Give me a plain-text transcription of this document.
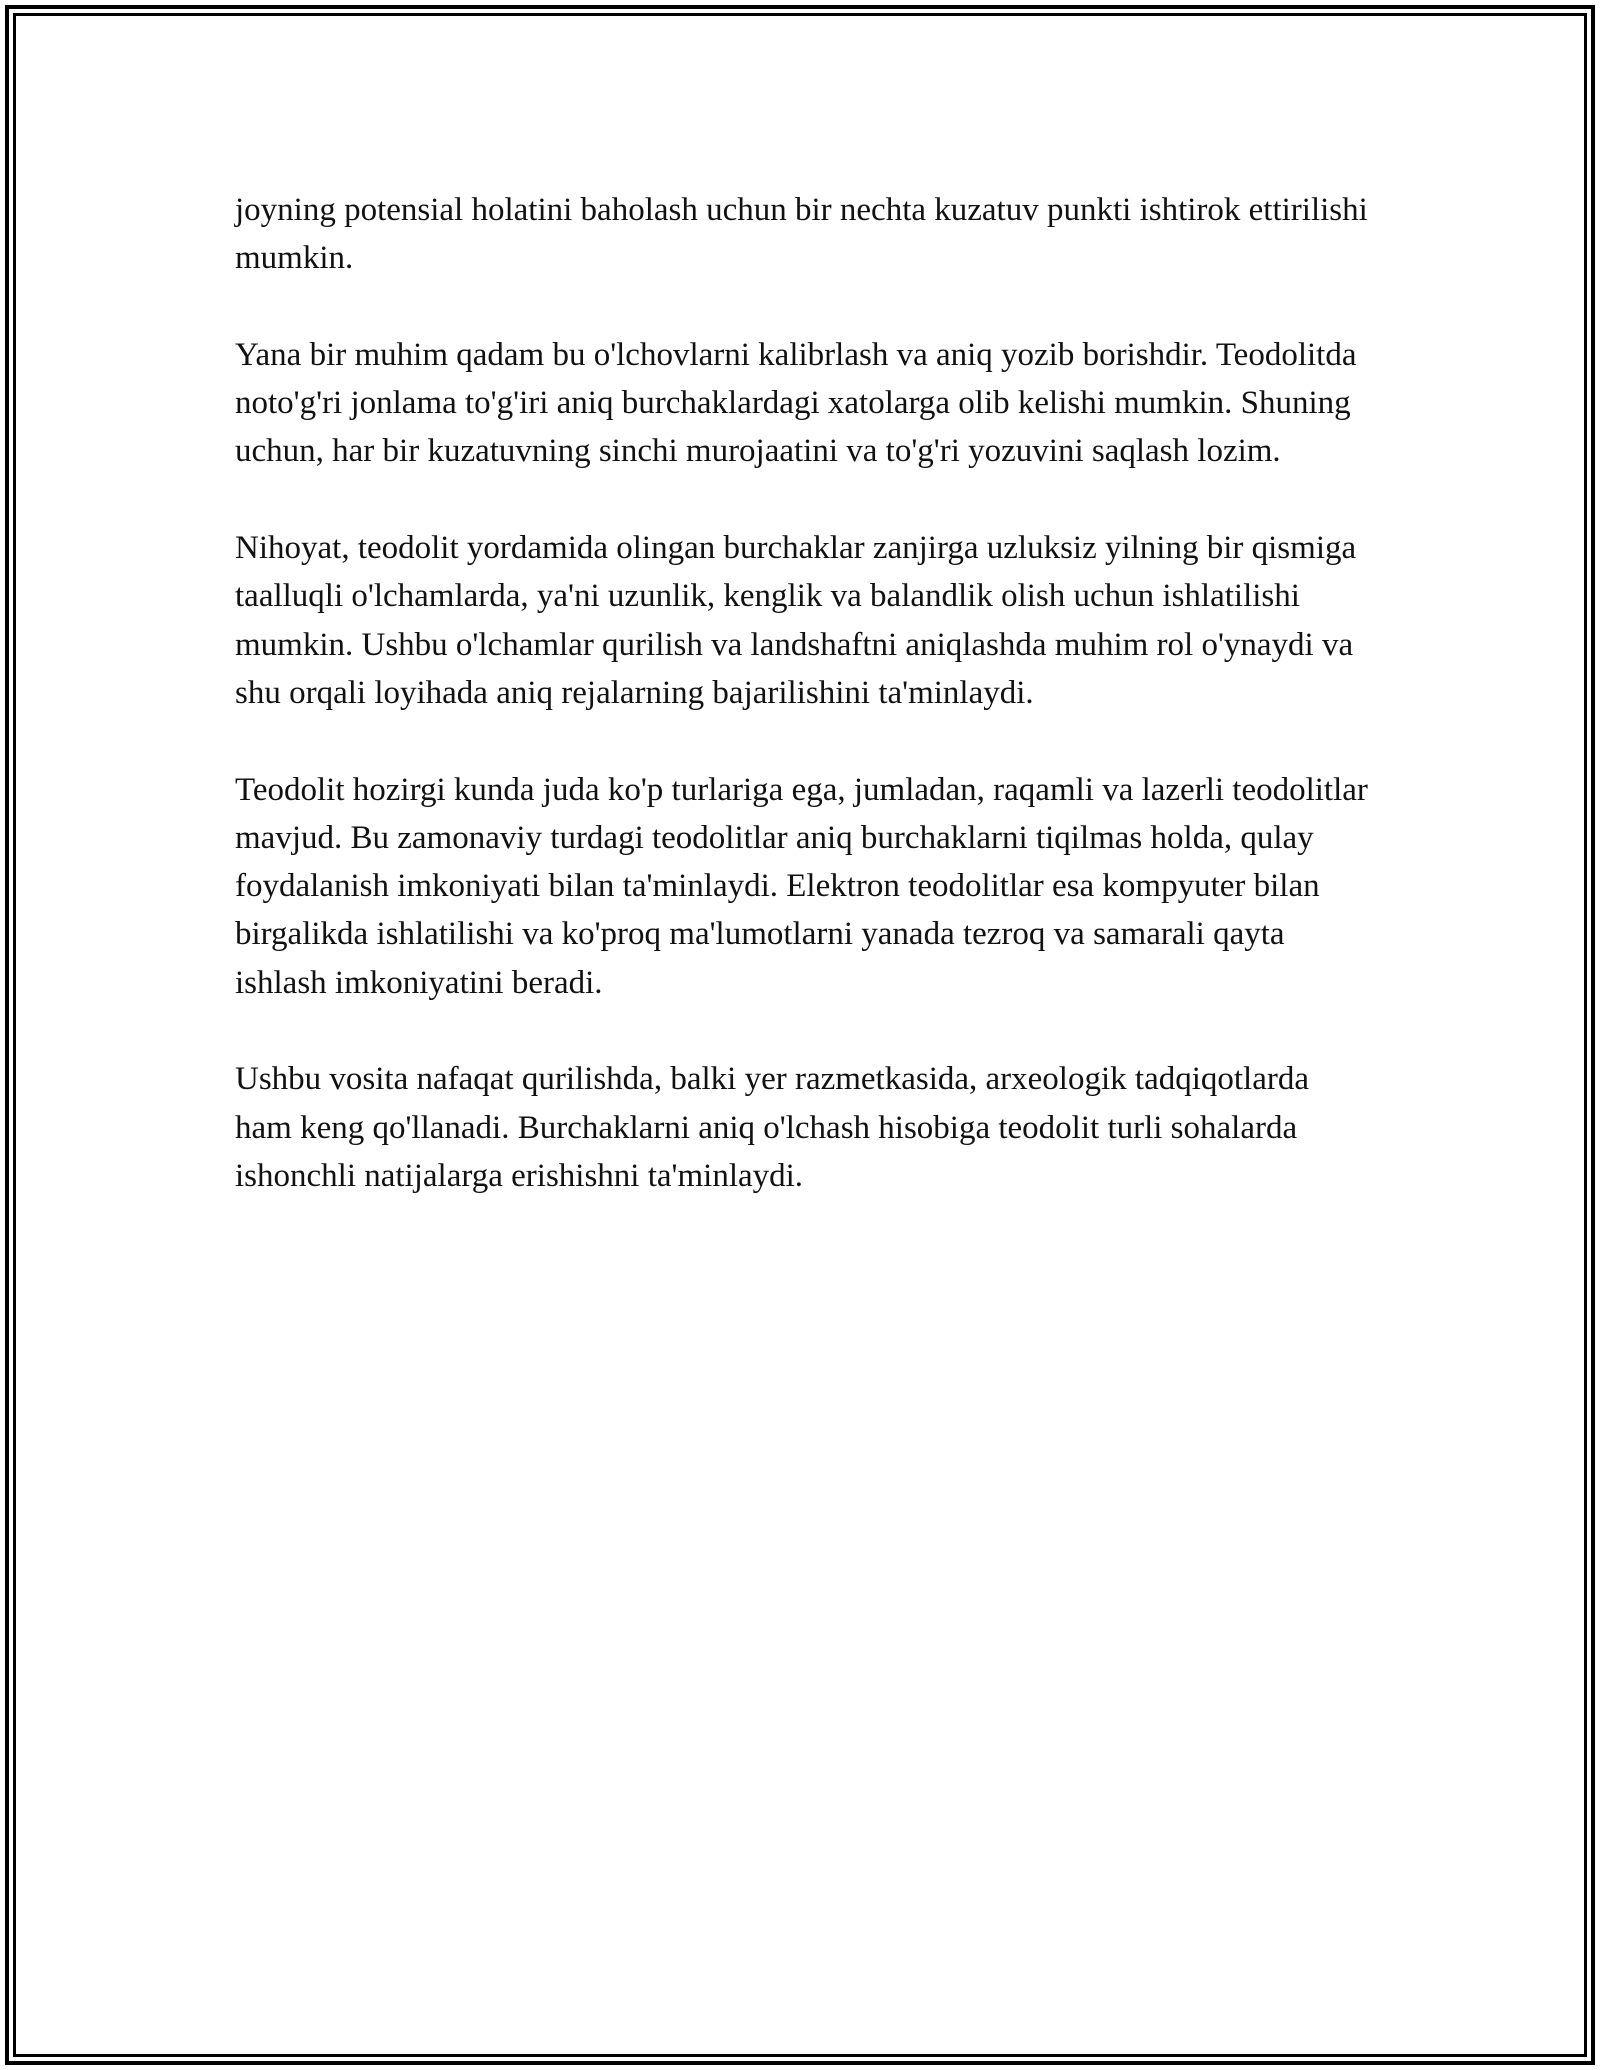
joyning potensial holatini baholash uchun bir nechta kuzatuv punkti ishtirok ettirilishi mumkin.

Yana bir muhim qadam bu o'lchovlarni kalibrlash va aniq yozib borishdir. Teodolitda noto'g'ri jonlama to'g'iri aniq burchaklardagi xatolarga olib kelishi mumkin. Shuning uchun, har bir kuzatuvning sinchi murojaatini va to'g'ri yozuvini saqlash lozim.

Nihoyat, teodolit yordamida olingan burchaklar zanjirga uzluksiz yilning bir qismiga taalluqli o'lchamlarda, ya'ni uzunlik, kenglik va balandlik olish uchun ishlatilishi mumkin. Ushbu o'lchamlar qurilish va landshaftni aniqlashda muhim rol o'ynaydi va shu orqali loyihada aniq rejalarning bajarilishini ta'minlaydi.

Teodolit hozirgi kunda juda ko'p turlariga ega, jumladan, raqamli va lazerli teodolitlar mavjud. Bu zamonaviy turdagi teodolitlar aniq burchaklarni tiqilmas holda, qulay foydalanish imkoniyati bilan ta'minlaydi. Elektron teodolitlar esa kompyuter bilan birgalikda ishlatilishi va ko'proq ma'lumotlarni yanada tezroq va samarali qayta ishlash imkoniyatini beradi.

Ushbu vosita nafaqat qurilishda, balki yer razmetkasida, arxeologik tadqiqotlarda ham keng qo'llanadi. Burchaklarni aniq o'lchash hisobiga teodolit turli sohalarda ishonchli natijalarga erishishni ta'minlaydi.
